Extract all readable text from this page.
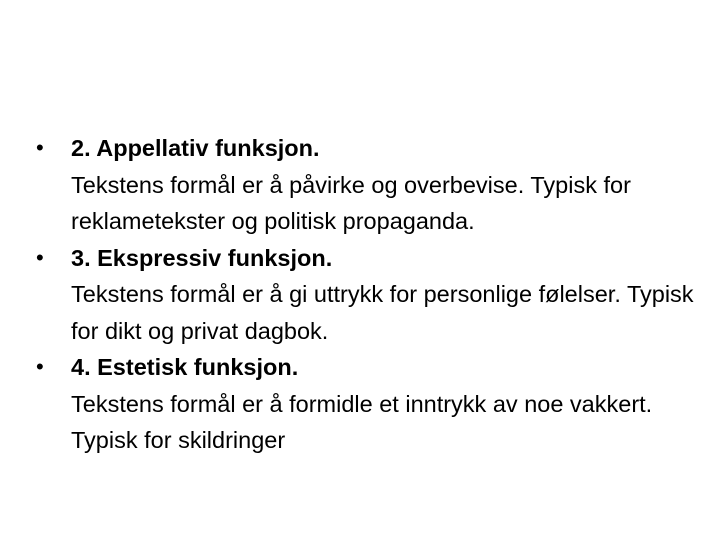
•	2. Appellativ funksjon.
Tekstens formål er å påvirke og overbevise. Typisk for reklametekster og politisk propaganda.
•	3. Ekspressiv funksjon.
Tekstens formål er å gi uttrykk for personlige følelser. Typisk for dikt og privat dagbok.
•	4. Estetisk funksjon.
Tekstens formål er å formidle et inntrykk av noe vakkert. Typisk for skildringer
